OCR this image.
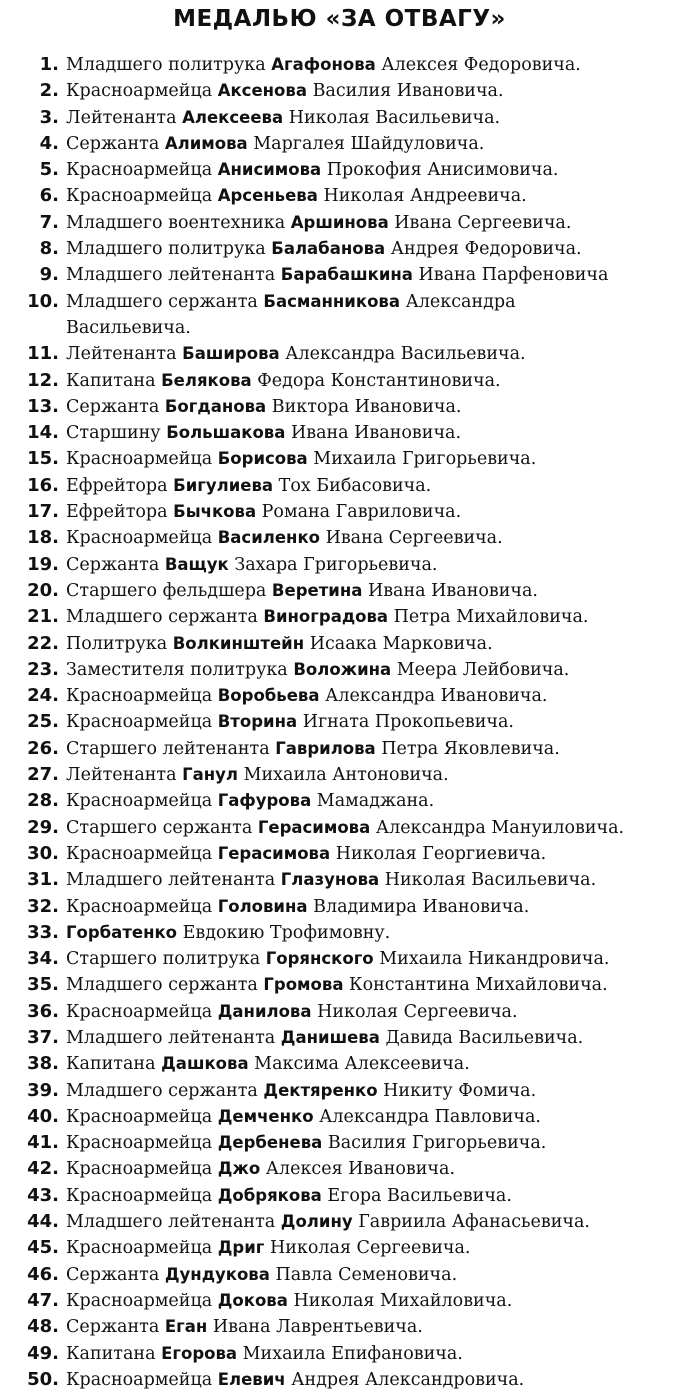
МЕДАЛЬЮ «ЗА ОТВАГУ»
1. Младшего политрука Агафонова Алексея Федоровича.
2. Красноармейца Аксенова Василия Ивановича.
3. Лейтенанта Алексеева Николая Васильевича.
4. Сержанта Алимова Маргалея Шайдуловича.
5. Красноармейца Анисимова Прокофия Анисимовича.
6. Красноармейца Арсеньева Николая Андреевича.
7. Младшего воентехника Аршинова Ивана Сергеевича.
8. Младшего политрука Балабанова Андрея Федоровича.
9. Младшего лейтенанта Барабашкина Ивана Парфеновича
10. Младшего сержанта Басманникова Александра Васильевича.
11. Лейтенанта Баширова Александра Васильевича.
12. Капитана Белякова Федора Константиновича.
13. Сержанта Богданова Виктора Ивановича.
14. Старшину Большакова Ивана Ивановича.
15. Красноармейца Борисова Михаила Григорьевича.
16. Ефрейтора Бигулиева Тох Бибасовича.
17. Ефрейтора Бычкова Романа Гавриловича.
18. Красноармейца Василенко Ивана Сергеевича.
19. Сержанта Ващук Захара Григорьевича.
20. Старшего фельдшера Веретина Ивана Ивановича.
21. Младшего сержанта Виноградова Петра Михайловича.
22. Политрука Волкинштейн Исаака Марковича.
23. Заместителя политрука Воложина Меера Лейбовича.
24. Красноармейца Воробьева Александра Ивановича.
25. Красноармейца Вторина Игната Прокопьевича.
26. Старшего лейтенанта Гаврилова Петра Яковлевича.
27. Лейтенанта Ганул Михаила Антоновича.
28. Красноармейца Гафурова Мамаджана.
29. Старшего сержанта Герасимова Александра Мануиловича.
30. Красноармейца Герасимова Николая Георгиевича.
31. Младшего лейтенанта Глазунова Николая Васильевича.
32. Красноармейца Головина Владимира Ивановича.
33. Горбатенко Евдокию Трофимовну.
34. Старшего политрука Горянского Михаила Никандровича.
35. Младшего сержанта Громова Константина Михайловича.
36. Красноармейца Данилова Николая Сергеевича.
37. Младшего лейтенанта Данишева Давида Васильевича.
38. Капитана Дашкова Максима Алексеевича.
39. Младшего сержанта Дектяренко Никиту Фомича.
40. Красноармейца Демченко Александра Павловича.
41. Красноармейца Дербенева Василия Григорьевича.
42. Красноармейца Джо Алексея Ивановича.
43. Красноармейца Добрякова Егора Васильевича.
44. Младшего лейтенанта Долину Гавриила Афанасьевича.
45. Красноармейца Дриг Николая Сергеевича.
46. Сержанта Дундукова Павла Семеновича.
47. Красноармейца Докова Николая Михайловича.
48. Сержанта Еган Ивана Лаврентьевича.
49. Капитана Егорова Михаила Епифановича.
50. Красноармейца Елевич Андрея Александровича.
